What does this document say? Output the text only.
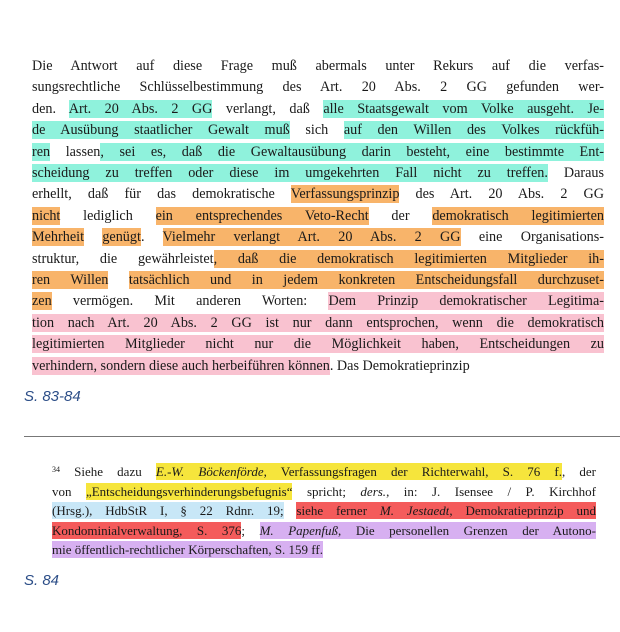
Die Antwort auf diese Frage muß abermals unter Rekurs auf die verfas-
sungsrechtliche Schlüsselbestimmung des Art. 20 Abs. 2 GG gefunden wer-
den. Art. 20 Abs. 2 GG verlangt, daß alle Staatsgewalt vom Volke ausgeht. Je-
de Ausübung staatlicher Gewalt muß sich auf den Willen des Volkes rückfüh-
ren lassen, sei es, daß die Gewaltausübung darin besteht, eine bestimmte Ent-
scheidung zu treffen oder diese im umgekehrten Fall nicht zu treffen. Daraus
erhellt, daß für das demokratische Verfassungsprinzip des Art. 20 Abs. 2 GG
nicht lediglich ein entsprechendes Veto-Recht der demokratisch legitimierten
Mehrheit genügt. Vielmehr verlangt Art. 20 Abs. 2 GG eine Organisations-
struktur, die gewährleistet, daß die demokratisch legitimierten Mitglieder ih-
ren Willen tatsächlich und in jedem konkreten Entscheidungsfall durchzuset-
zen vermögen. Mit anderen Worten: Dem Prinzip demokratischer Legitima-
tion nach Art. 20 Abs. 2 GG ist nur dann entsprochen, wenn die demokratisch
legitimierten Mitglieder nicht nur die Möglichkeit haben, Entscheidungen zu
verhindern, sondern diese auch herbeiführen können. Das Demokratieprinzip
S. 83-84
$^{34}$ Siehe dazu E.-W. Böckenförde, Verfassungsfragen der Richterwahl, S. 76 f., der
von „Entscheidungsverhinderungsbefugnis“ spricht; ders., in: J. Isensee / P. Kirchhof
(Hrsg.), HdbStR I, § 22 Rdnr. 19; siehe ferner M. Jestaedt, Demokratieprinzip und
Kondominialverwaltung, S. 376; M. Papenfuß, Die personellen Grenzen der Autono-
mie öffentlich-rechtlicher Körperschaften, S. 159 ff.
S. 84
